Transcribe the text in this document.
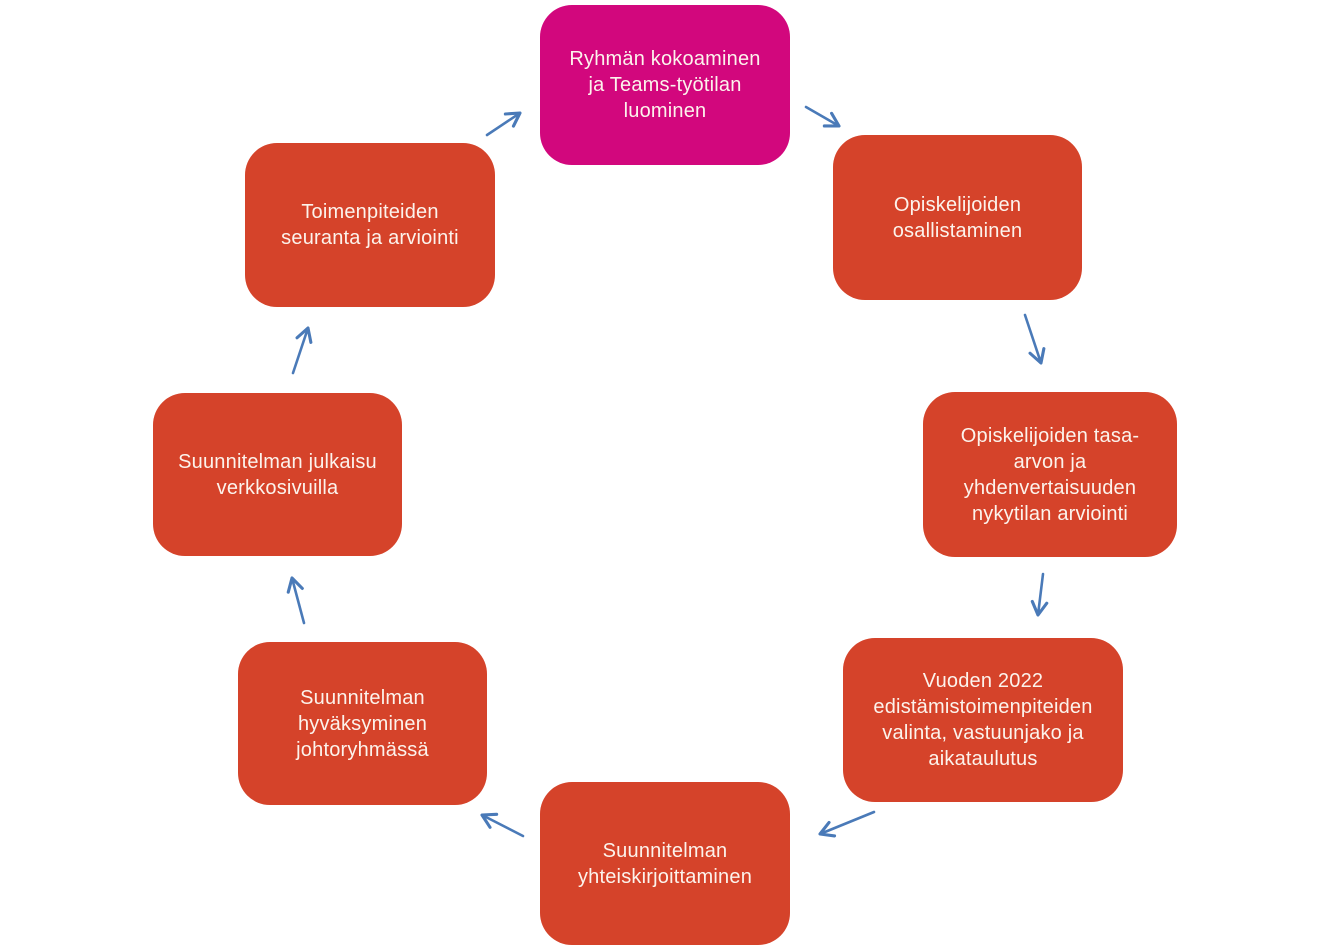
Ryhmän kokoaminen ja Teams-työtilan luominen
Opiskelijoiden osallistaminen
Opiskelijoiden tasa-arvon ja yhdenvertaisuuden nykytilan arviointi
Vuoden 2022 edistämistoimenpiteiden valinta, vastuunjako ja aikataulutus
Suunnitelman yhteiskirjoittaminen
Suunnitelman hyväksyminen johtoryhmässä
Suunnitelman julkaisu verkkosivuilla
Toimenpiteiden seuranta ja arviointi
